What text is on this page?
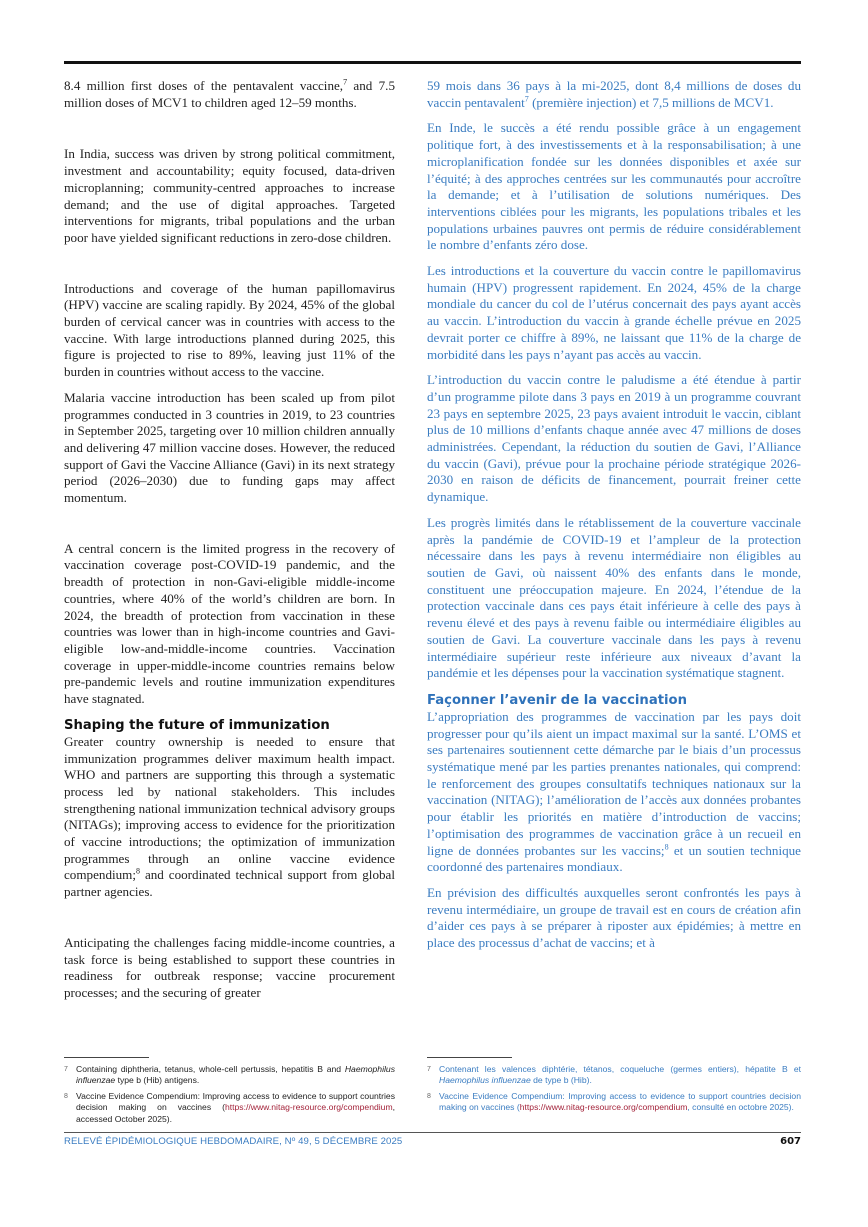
8.4 million first doses of the pentavalent vaccine,$^7$ and 7.5 million doses of MCV1 to children aged 12–59 months.

In India, success was driven by strong political commitment, investment and accountability; equity focused, data-driven microplanning; community-centred approaches to increase demand; and the use of digital approaches. Targeted interventions for migrants, tribal populations and the urban poor have yielded significant reductions in zero-dose children.

Introductions and coverage of the human papillomavirus (HPV) vaccine are scaling rapidly. By 2024, 45% of the global burden of cervical cancer was in countries with access to the vaccine. With large introductions planned during 2025, this figure is projected to rise to 89%, leaving just 11% of the burden in countries without access to the vaccine.

Malaria vaccine introduction has been scaled up from pilot programmes conducted in 3 countries in 2019, to 23 countries in September 2025, targeting over 10 million children annually and delivering 47 million vaccine doses. However, the reduced support of Gavi the Vaccine Alliance (Gavi) in its next strategy period (2026–2030) due to funding gaps may affect momentum.

A central concern is the limited progress in the recovery of vaccination coverage post-COVID-19 pandemic, and the breadth of protection in non-Gavi-eligible middle-income countries, where 40% of the world’s children are born. In 2024, the breadth of protection from vaccination in these countries was lower than in high-income countries and Gavi-eligible low-and-middle-income countries. Vaccination coverage in upper-middle-income countries remains below pre-pandemic levels and routine immunization expenditures have stagnated.

Shaping the future of immunization

Greater country ownership is needed to ensure that immunization programmes deliver maximum health impact. WHO and partners are supporting this through a systematic process led by national stakeholders. This includes strengthening national immunization technical advisory groups (NITAGs); improving access to evidence for the prioritization of vaccine introductions; the optimization of immunization programmes through an online vaccine evidence compendium;$^8$ and coordinated technical support from global partner agencies.

Anticipating the challenges facing middle-income countries, a task force is being established to support these countries in readiness for outbreak response; vaccine procurement processes; and the securing of greater

59 mois dans 36 pays à la mi-2025, dont 8,4 millions de doses du vaccin pentavalent$^7$ (première injection) et 7,5 millions de MCV1.

En Inde, le succès a été rendu possible grâce à un engagement politique fort, à des investissements et à la responsabilisation; à une microplanification fondée sur les données disponibles et axée sur l’équité; à des approches centrées sur les communautés pour accroître la demande; et à l’utilisation de solutions numériques. Des interventions ciblées pour les migrants, les populations tribales et les populations urbaines pauvres ont permis de réduire considérablement le nombre d’enfants zéro dose.

Les introductions et la couverture du vaccin contre le papillomavirus humain (HPV) progressent rapidement. En 2024, 45% de la charge mondiale du cancer du col de l’utérus concernait des pays ayant accès au vaccin. L’introduction du vaccin à grande échelle prévue en 2025 devrait porter ce chiffre à 89%, ne laissant que 11% de la charge de morbidité dans les pays n’ayant pas accès au vaccin.

L’introduction du vaccin contre le paludisme a été étendue à partir d’un programme pilote dans 3 pays en 2019 à un programme couvrant 23 pays en septembre 2025, 23 pays avaient introduit le vaccin, ciblant plus de 10 millions d’enfants chaque année avec 47 millions de doses administrées. Cependant, la réduction du soutien de Gavi, l’Alliance du vaccin (Gavi), prévue pour la prochaine période stratégique 2026-2030 en raison de déficits de financement, pourrait freiner cette dynamique.

Les progrès limités dans le rétablissement de la couverture vaccinale après la pandémie de COVID-19 et l’ampleur de la protection nécessaire dans les pays à revenu intermédiaire non éligibles au soutien de Gavi, où naissent 40% des enfants dans le monde, constituent une préoccupation majeure. En 2024, l’étendue de la protection vaccinale dans ces pays était inférieure à celle des pays à revenu élevé et des pays à revenu faible ou intermédiaire éligibles au soutien de Gavi. La couverture vaccinale dans les pays à revenu intermédiaire supérieur reste inférieure aux niveaux d’avant la pandémie et les dépenses pour la vaccination systématique stagnent.

Façonner l’avenir de la vaccination

L’appropriation des programmes de vaccination par les pays doit progresser pour qu’ils aient un impact maximal sur la santé. L’OMS et ses partenaires soutiennent cette démarche par le biais d’un processus systématique mené par les parties prenantes nationales, qui comprend: le renforcement des groupes consultatifs techniques nationaux sur la vaccination (NITAG); l’amélioration de l’accès aux données probantes pour établir les priorités en matière d’introduction de vaccins; l’optimisation des programmes de vaccination grâce à un recueil en ligne de données probantes sur les vaccins;$^8$ et un soutien technique coordonné des partenaires mondiaux.

En prévision des difficultés auxquelles seront confrontés les pays à revenu intermédiaire, un groupe de travail est en cours de création afin d’aider ces pays à se préparer à riposter aux épidémies; à mettre en place des processus d’achat de vaccins; et à

7 Containing diphtheria, tetanus, whole-cell pertussis, hepatitis B and Haemophilus influenzae type b (Hib) antigens.
8 Vaccine Evidence Compendium: Improving access to evidence to support countries decision making on vaccines (https://www.nitag-resource.org/compendium, accessed October 2025).
7 Contenant les valences diphtérie, tétanos, coqueluche (germes entiers), hépatite B et Haemophilus influenzae de type b (Hib).
8 Vaccine Evidence Compendium: Improving access to evidence to support countries decision making on vaccines (https://www.nitag-resource.org/compendium, consulté en octobre 2025).
RELEVÉ ÉPIDÉMIOLOGIQUE HEBDOMADAIRE, Nº 49, 5 DÉCEMBRE 2025	607
